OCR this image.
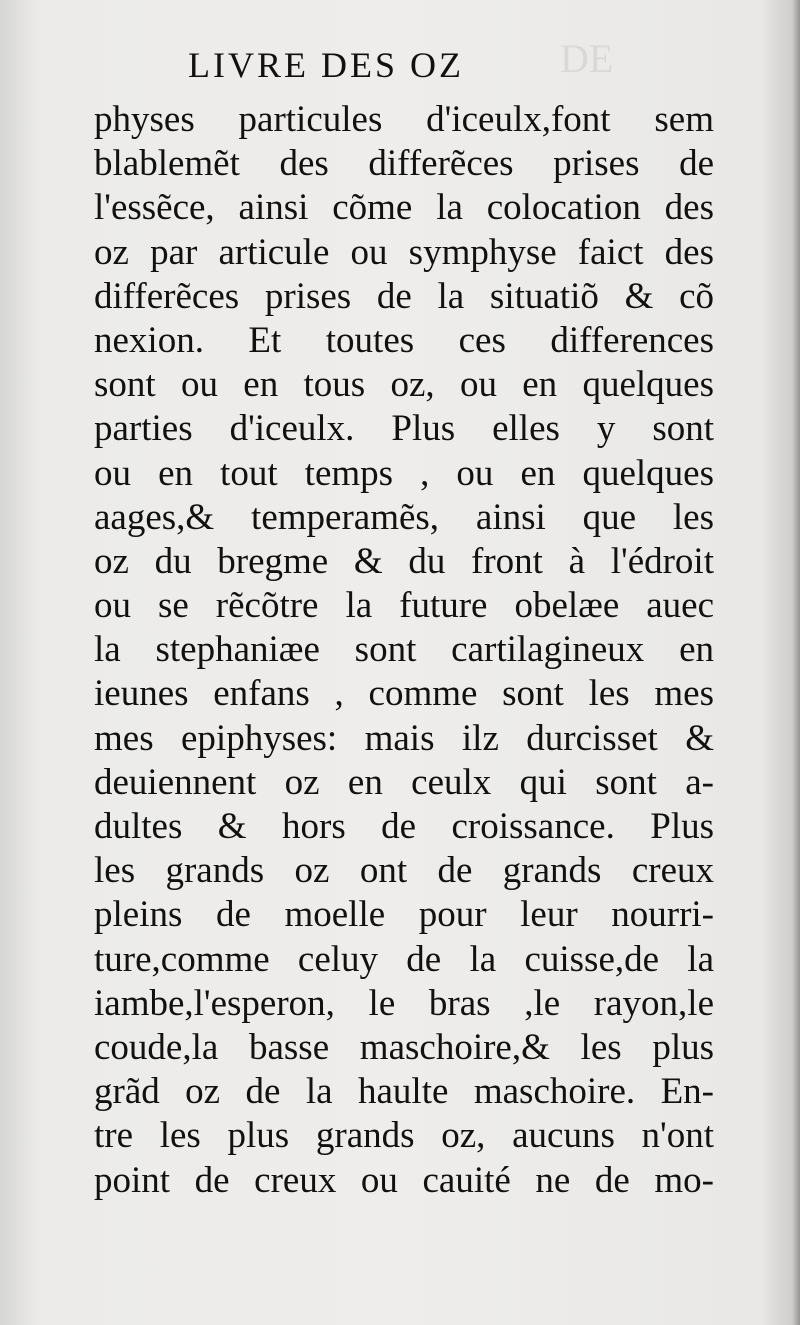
DE
LIVRE DES OZ
physes particules d'iceulx,font sem
blablemẽt des differẽces prises de
l'essẽce, ainsi cõme la colocation des
oz par articule ou symphyse faict des
differẽces prises de la situatiõ & cõ
nexion. Et toutes ces differences
sont ou en tous oz, ou en quelques
parties d'iceulx. Plus elles y sont
ou en tout temps , ou en quelques
aages,& temperamẽs, ainsi que les
oz du bregme & du front à l'édroit
ou se rẽcõtre la future obelæe auec
la stephaniæe sont cartilagineux en
ieunes enfans , comme sont les mes
mes epiphyses: mais ilz durcisset &
deuiennent oz en ceulx qui sont a-
dultes & hors de croissance. Plus
les grands oz ont de grands creux
pleins de moelle pour leur nourri-
ture,comme celuy de la cuisse,de la
iambe,l'esperon, le bras ,le rayon,le
coude,la basse maschoire,& les plus
grãd oz de la haulte maschoire. En-
tre les plus grands oz, aucuns n'ont
point de creux ou cauité ne de mo-
